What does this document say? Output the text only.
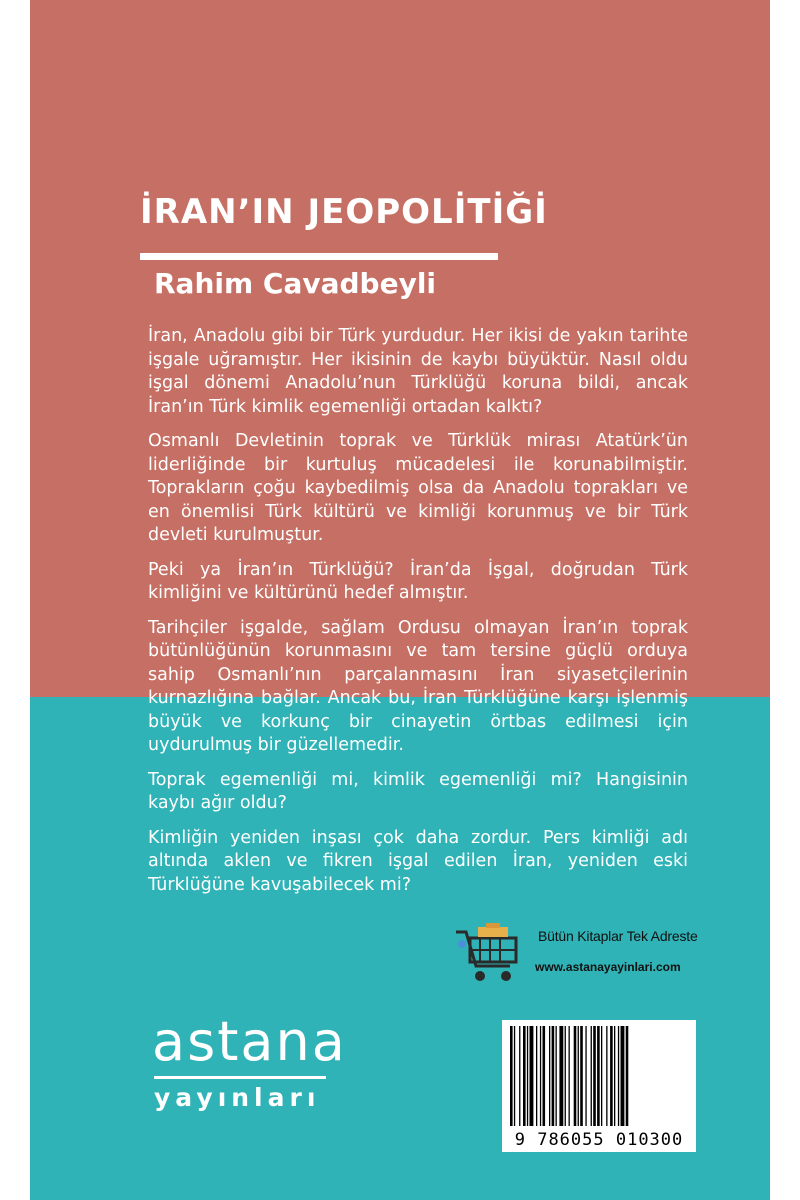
İRAN’IN JEOPOLİTİĞİ
Rahim Cavadbeyli

İran, Anadolu gibi bir Türk yurdudur. Her ikisi de yakın tarihte işgale uğramıştır. Her ikisinin de kaybı büyüktür. Nasıl oldu işgal dönemi Anadolu’nun Türklüğü koruna bildi, ancak İran’ın Türk kimlik egemenliği ortadan kalktı?

Osmanlı Devletinin toprak ve Türklük mirası Atatürk’ün liderliğinde bir kurtuluş mücadelesi ile korunabilmiştir. Toprakların çoğu kaybedilmiş olsa da Anadolu toprakları ve en önemlisi Türk kültürü ve kimliği korunmuş ve bir Türk devleti kurulmuştur.

Peki ya İran’ın Türklüğü? İran’da İşgal, doğrudan Türk kimliğini ve kültürünü hedef almıştır.

Tarihçiler işgalde, sağlam Ordusu olmayan İran’ın toprak bütünlüğünün korunmasını ve tam tersine güçlü orduya sahip Osmanlı’nın parçalanmasını İran siyasetçilerinin kurnazlığına bağlar. Ancak bu, İran Türklüğüne karşı işlenmiş büyük ve korkunç bir cinayetin örtbas edilmesi için uydurulmuş bir güzellemedir.

Toprak egemenliği mi, kimlik egemenliği mi? Hangisinin kaybı ağır oldu?

Kimliğin yeniden inşası çok daha zordur. Pers kimliği adı altında aklen ve fikren işgal edilen İran, yeniden eski Türklüğüne kavuşabilecek mi?

Bütün Kitaplar Tek Adreste
www.astanayayinlari.com
astana
yayınları
9 786055 010300
